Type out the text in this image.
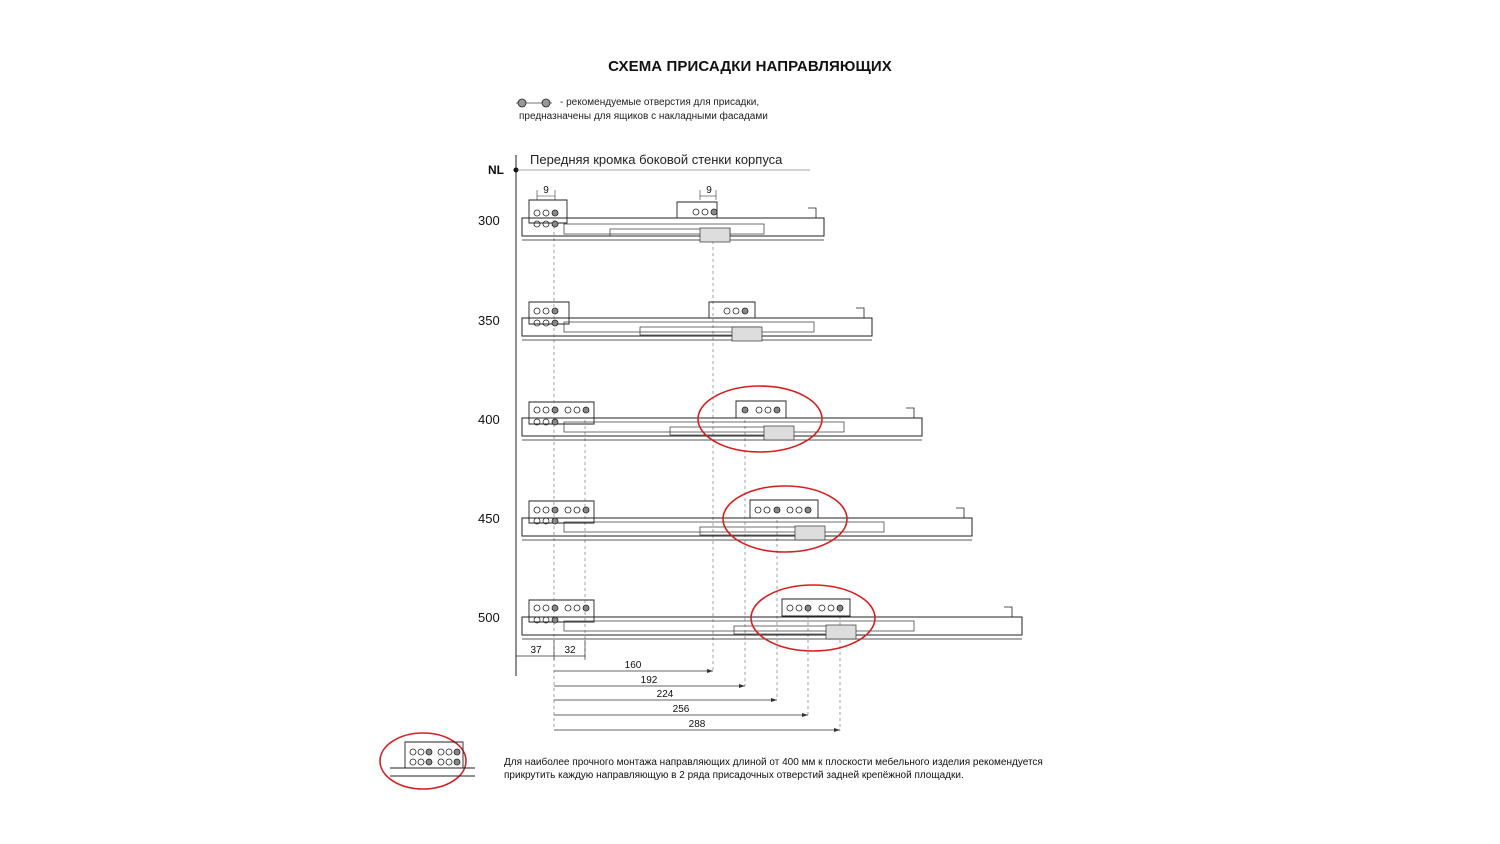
СХЕМА ПРИСАДКИ НАПРАВЛЯЮЩИХ
- рекомендуемые отверстия для присадки,
предназначены для ящиков с накладными фасадами
NL
Передняя кромка боковой стенки корпуса
300
350
400
450
500
9	9
37 32
160
192
224
256
288
Для наиболее прочного монтажа направляющих длиной от 400 мм к плоскости мебельного изделия рекомендуется
прикрутить каждую направляющую в 2 ряда присадочных отверстий задней крепёжной площадки.
